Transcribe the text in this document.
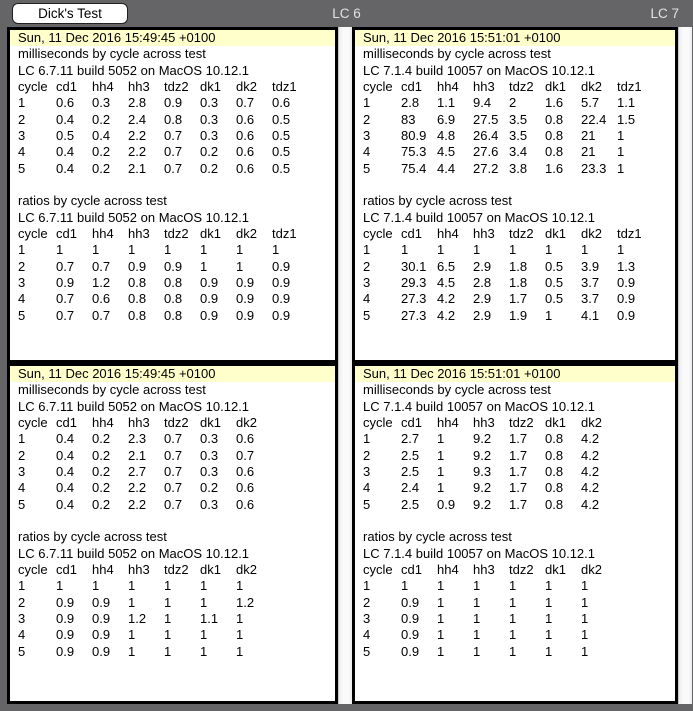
Dick's Test	LC 6	LC 7
Sun, 11 Dec 2016 15:49:45 +0100
milliseconds by cycle across test
LC 6.7.11 build 5052 on MacOS 10.12.1
cycle cd1 hh4 hh3 tdz2 dk1 dk2 tdz1
1 0.6 0.3 2.8 0.9 0.3 0.7 0.6
2 0.4 0.2 2.4 0.8 0.3 0.6 0.5
3 0.5 0.4 2.2 0.7 0.3 0.6 0.5
4 0.4 0.2 2.2 0.7 0.2 0.6 0.5
5 0.4 0.2 2.1 0.7 0.2 0.6 0.5
ratios by cycle across test
LC 6.7.11 build 5052 on MacOS 10.12.1
cycle cd1 hh4 hh3 tdz2 dk1 dk2 tdz1
1 1 1 1 1 1 1 1
2 0.7 0.7 0.9 0.9 1 1 0.9
3 0.9 1.2 0.8 0.8 0.9 0.9 0.9
4 0.7 0.6 0.8 0.8 0.9 0.9 0.9
5 0.7 0.7 0.8 0.8 0.9 0.9 0.9
Sun, 11 Dec 2016 15:51:01 +0100
milliseconds by cycle across test
LC 7.1.4 build 10057 on MacOS 10.12.1
cycle cd1 hh4 hh3 tdz2 dk1 dk2 tdz1
1 2.8 1.1 9.4 2 1.6 5.7 1.1
2 83 6.9 27.5 3.5 0.8 22.4 1.5
3 80.9 4.8 26.4 3.5 0.8 21 1
4 75.3 4.5 27.6 3.4 0.8 21 1
5 75.4 4.4 27.2 3.8 1.6 23.3 1
ratios by cycle across test
LC 7.1.4 build 10057 on MacOS 10.12.1
cycle cd1 hh4 hh3 tdz2 dk1 dk2 tdz1
1 1 1 1 1 1 1 1
2 30.1 6.5 2.9 1.8 0.5 3.9 1.3
3 29.3 4.5 2.8 1.8 0.5 3.7 0.9
4 27.3 4.2 2.9 1.7 0.5 3.7 0.9
5 27.3 4.2 2.9 1.9 1 4.1 0.9
Sun, 11 Dec 2016 15:49:45 +0100
milliseconds by cycle across test
LC 6.7.11 build 5052 on MacOS 10.12.1
cycle cd1 hh4 hh3 tdz2 dk1 dk2
1 0.4 0.2 2.3 0.7 0.3 0.6
2 0.4 0.2 2.1 0.7 0.3 0.7
3 0.4 0.2 2.7 0.7 0.3 0.6
4 0.4 0.2 2.2 0.7 0.2 0.6
5 0.4 0.2 2.2 0.7 0.3 0.6
ratios by cycle across test
LC 6.7.11 build 5052 on MacOS 10.12.1
cycle cd1 hh4 hh3 tdz2 dk1 dk2
1 1 1 1 1 1 1
2 0.9 0.9 1 1 1 1.2
3 0.9 0.9 1.2 1 1.1 1
4 0.9 0.9 1 1 1 1
5 0.9 0.9 1 1 1 1
Sun, 11 Dec 2016 15:51:01 +0100
milliseconds by cycle across test
LC 7.1.4 build 10057 on MacOS 10.12.1
cycle cd1 hh4 hh3 tdz2 dk1 dk2
1 2.7 1 9.2 1.7 0.8 4.2
2 2.5 1 9.2 1.7 0.8 4.2
3 2.5 1 9.3 1.7 0.8 4.2
4 2.4 1 9.2 1.7 0.8 4.2
5 2.5 0.9 9.2 1.7 0.8 4.2
ratios by cycle across test
LC 7.1.4 build 10057 on MacOS 10.12.1
cycle cd1 hh4 hh3 tdz2 dk1 dk2
1 1 1 1 1 1 1
2 0.9 1 1 1 1 1
3 0.9 1 1 1 1 1
4 0.9 1 1 1 1 1
5 0.9 1 1 1 1 1
